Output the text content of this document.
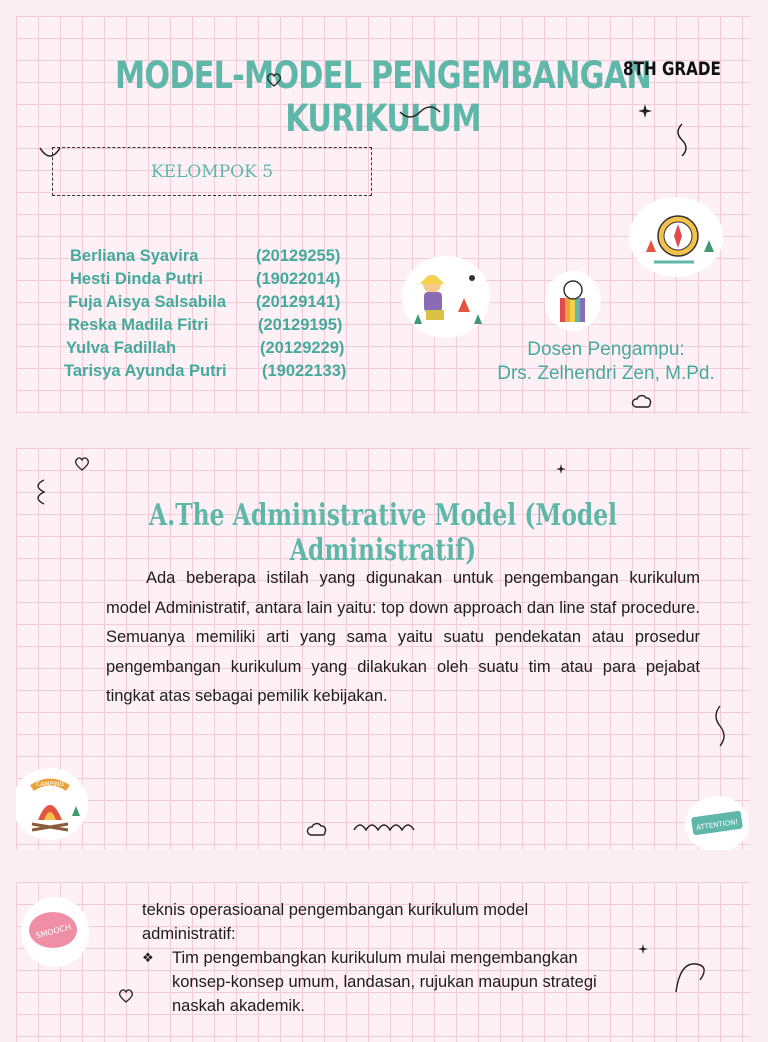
MODEL-MODEL PENGEMBANGAN KURIKULUM
8TH GRADE
KELOMPOK 5
Berliana Syavira	(20129255)
Hesti Dinda Putri	(19022014)
Fuja Aisya Salsabila (20129141)
Reska Madila Fitri	(20129195)
Yulva Fadillah	(20129229)
Tarisya Ayunda Putri (19022133)
Dosen Pengampu:
Drs. Zelhendri Zen, M.Pd.
A.The Administrative Model (Model Administratif)
Ada beberapa istilah yang digunakan untuk pengembangan kurikulum model Administratif, antara lain yaitu: top down approach dan line staf procedure. Semuanya memiliki arti yang sama yaitu suatu pendekatan atau prosedur pengembangan kurikulum yang dilakukan oleh suatu tim atau para pejabat tingkat atas sebagai pemilik kebijakan.
CAMPING
ATTENTION!
teknis operasioanal pengembangan kurikulum model administratif:
❖	Tim pengembangkan kurikulum mulai mengembangkan konsep-konsep umum, landasan, rujukan maupun strategi naskah akademik.
SMOOCH
